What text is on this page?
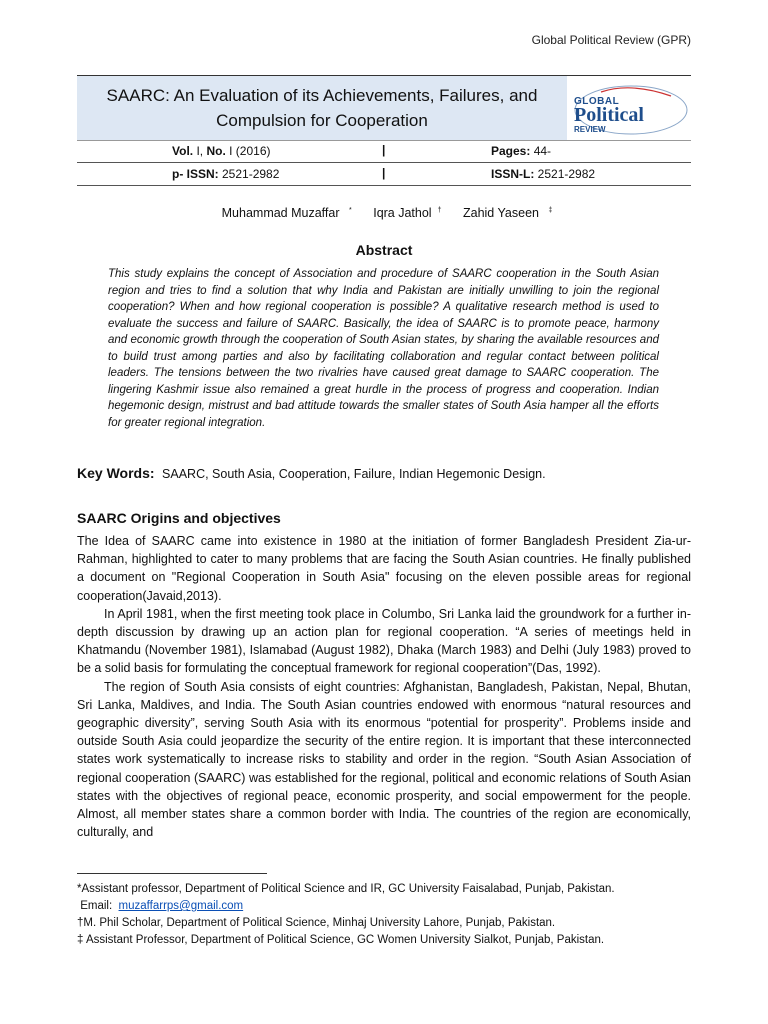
Global Political Review (GPR)
SAARC: An Evaluation of its Achievements, Failures, and Compulsion for Cooperation
GLOBAL
Political
REVIEW
Vol. I, No. I (2016)	|	Pages: 44-
p- ISSN: 2521-2982	|	ISSN-L: 2521-2982
Muhammad Muzaffar * Iqra Jathol † Zahid Yaseen ‡
Abstract
This study explains the concept of Association and procedure of SAARC cooperation in the South Asian region and tries to find a solution that why India and Pakistan are initially unwilling to join the regional cooperation? When and how regional cooperation is possible? A qualitative research method is used to evaluate the success and failure of SAARC. Basically, the idea of SAARC is to promote peace, harmony and economic growth through the cooperation of South Asian states, by sharing the available resources and to build trust among parties and also by facilitating collaboration and regular contact between political leaders. The tensions between the two rivalries have caused great damage to SAARC cooperation. The lingering Kashmir issue also remained a great hurdle in the process of progress and cooperation. Indian hegemonic design, mistrust and bad attitude towards the smaller states of South Asia hamper all the efforts for greater regional integration.
Key Words: SAARC, South Asia, Cooperation, Failure, Indian Hegemonic Design.
SAARC Origins and objectives

The Idea of SAARC came into existence in 1980 at the initiation of former Bangladesh President Zia-ur-Rahman, highlighted to cater to many problems that are facing the South Asian countries. He finally published a document on "Regional Cooperation in South Asia" focusing on the eleven possible areas for regional cooperation(Javaid,2013).

In April 1981, when the first meeting took place in Columbo, Sri Lanka laid the groundwork for a further in-depth discussion by drawing up an action plan for regional cooperation. “A series of meetings held in Khatmandu (November 1981), Islamabad (August 1982), Dhaka (March 1983) and Delhi (July 1983) proved to be a solid basis for formulating the conceptual framework for regional cooperation”(Das, 1992).

The region of South Asia consists of eight countries: Afghanistan, Bangladesh, Pakistan, Nepal, Bhutan, Sri Lanka, Maldives, and India. The South Asian countries endowed with enormous “natural resources and geographic diversity”, serving South Asia with its enormous “potential for prosperity”. Problems inside and outside South Asia could jeopardize the security of the entire region. It is important that these interconnected states work systematically to increase risks to stability and order in the region. “South Asian Association of regional cooperation (SAARC) was established for the regional, political and economic relations of South Asian states with the objectives of regional peace, economic prosperity, and social empowerment for the people. Almost, all member states share a common border with India. The countries of the region are economically, culturally, and

*Assistant professor, Department of Political Science and IR, GC University Faisalabad, Punjab, Pakistan.
Email: muzaffarrps@gmail.com
†M. Phil Scholar, Department of Political Science, Minhaj University Lahore, Punjab, Pakistan.
‡ Assistant Professor, Department of Political Science, GC Women University Sialkot, Punjab, Pakistan.
